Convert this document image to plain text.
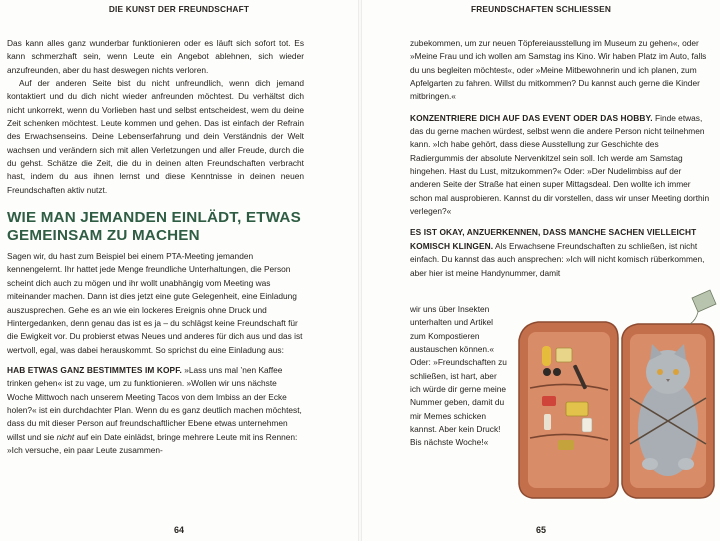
DIE KUNST DER FREUNDSCHAFT

Das kann alles ganz wunderbar funktionieren oder es läuft sich sofort tot. Es kann schmerzhaft sein, wenn Leute ein Angebot ablehnen, sich wieder anzufreunden, aber du hast deswegen nichts verloren.

Auf der anderen Seite bist du nicht unfreundlich, wenn dich jemand kontaktiert und du dich nicht wieder anfreunden möchtest. Du verhältst dich nicht unkorrekt, wenn du Vorlieben hast und selbst entscheidest, wem du deine Zeit schenken möchtest. Leute kommen und gehen. Das ist einfach der Refrain des Erwachsenseins. Deine Lebenserfahrung und dein Verständnis der Welt wachsen und verändern sich mit allen Verletzungen und aller Freude, durch die du gehst. Schätze die Zeit, die du in deinen alten Freundschaften verbracht hast, indem du aus ihnen lernst und diese Kenntnisse in deinen neuen Freundschaften aktiv nutzt.

WIE MAN JEMANDEN EINLÄDT, ETWAS GEMEINSAM ZU MACHEN

Sagen wir, du hast zum Beispiel bei einem PTA-Meeting jemanden kennengelernt. Ihr hattet jede Menge freundliche Unterhaltungen, die Person scheint dich auch zu mögen und ihr wollt unabhängig vom Meeting was miteinander machen. Dann ist dies jetzt eine gute Gelegenheit, eine Einladung auszusprechen. Gehe es an wie ein lockeres Ereignis ohne Druck und Hintergedanken, denn genau das ist es ja – du schlägst keine Freundschaft für die Ewigkeit vor. Du probierst etwas Neues und anderes für dich aus und das ist wertvoll, egal, was dabei herauskommt. So sprichst du eine Einladung aus:

HAB ETWAS GANZ BESTIMMTES IM KOPF. »Lass uns mal ’nen Kaffee trinken gehen« ist zu vage, um zu funktionieren. »Wollen wir uns nächste Woche Mittwoch nach unserem Meeting Tacos von dem Imbiss an der Ecke holen?« ist ein durchdachter Plan. Wenn du es ganz deutlich machen möchtest, dass du mit dieser Person auf freundschaftlicher Ebene etwas unternehmen willst und sie nicht auf ein Date einlädst, bringe mehrere Leute mit ins Rennen: »Ich versuche, ein paar Leute zusammen-

64
FREUNDSCHAFTEN SCHLIESSEN

zubekommen, um zur neuen Töpfereiausstellung im Museum zu gehen«, oder »Meine Frau und ich wollen am Samstag ins Kino. Wir haben Platz im Auto, falls du uns begleiten möchtest«, oder »Meine Mitbewohnerin und ich planen, zum Apfelgarten zu fahren. Willst du mitkommen? Du kannst auch gerne die Kinder mitbringen.«

KONZENTRIERE DICH AUF DAS EVENT ODER DAS HOBBY. Finde etwas, das du gerne machen würdest, selbst wenn die andere Person nicht teilnehmen kann. »Ich habe gehört, dass diese Ausstellung zur Geschichte des Radiergummis der absolute Nervenkitzel sein soll. Ich werde am Samstag hingehen. Hast du Lust, mitzukommen?« Oder: »Der Nudelimbiss auf der anderen Seite der Straße hat einen super Mittagsdeal. Den wollte ich immer schon mal ausprobieren. Kannst du dir vorstellen, dass wir unser Meeting dorthin verlegen?«

ES IST OKAY, ANZUERKENNEN, DASS MANCHE SACHEN VIELLEICHT KOMISCH KLINGEN. Als Erwachsene Freundschaften zu schließen, ist nicht einfach. Du kannst das auch ansprechen: »Ich will nicht komisch rüberkommen, aber hier ist meine Handynummer, damit

wir uns über Insekten unterhalten und Artikel zum Kompostieren austauschen können.« Oder: »Freundschaften zu schließen, ist hart, aber ich würde dir gerne meine Nummer geben, damit du mir Memes schicken kannst. Aber kein Druck! Bis nächste Woche!«
65
